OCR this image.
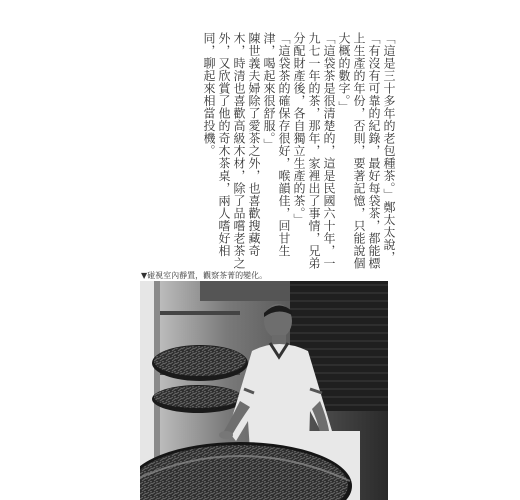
「這是三十多年的老包種茶。」鄭太太說，「有沒有可靠的紀錄，最好每袋茶，都能標上生產的年份，否則，要著記憶，只能說個大概的數字。」

「這袋茶是很清楚的，這是民國六十年，一九七一年的茶，那年，家裡出了事情，兄弟分配財產後，各自獨立生產的茶。」

「這袋茶的確保存很好，喉韻佳，回甘生津，喝起來很舒服。」

陳世義夫婦除了愛茶之外，也喜歡搜藏奇木，時清也喜歡高級木材，除了品嚐老茶之外，又欣賞了他的奇木茶桌，兩人嗜好相同，聊起來相當投機。

▼碰視室內靜置，觀察茶菁的變化。
